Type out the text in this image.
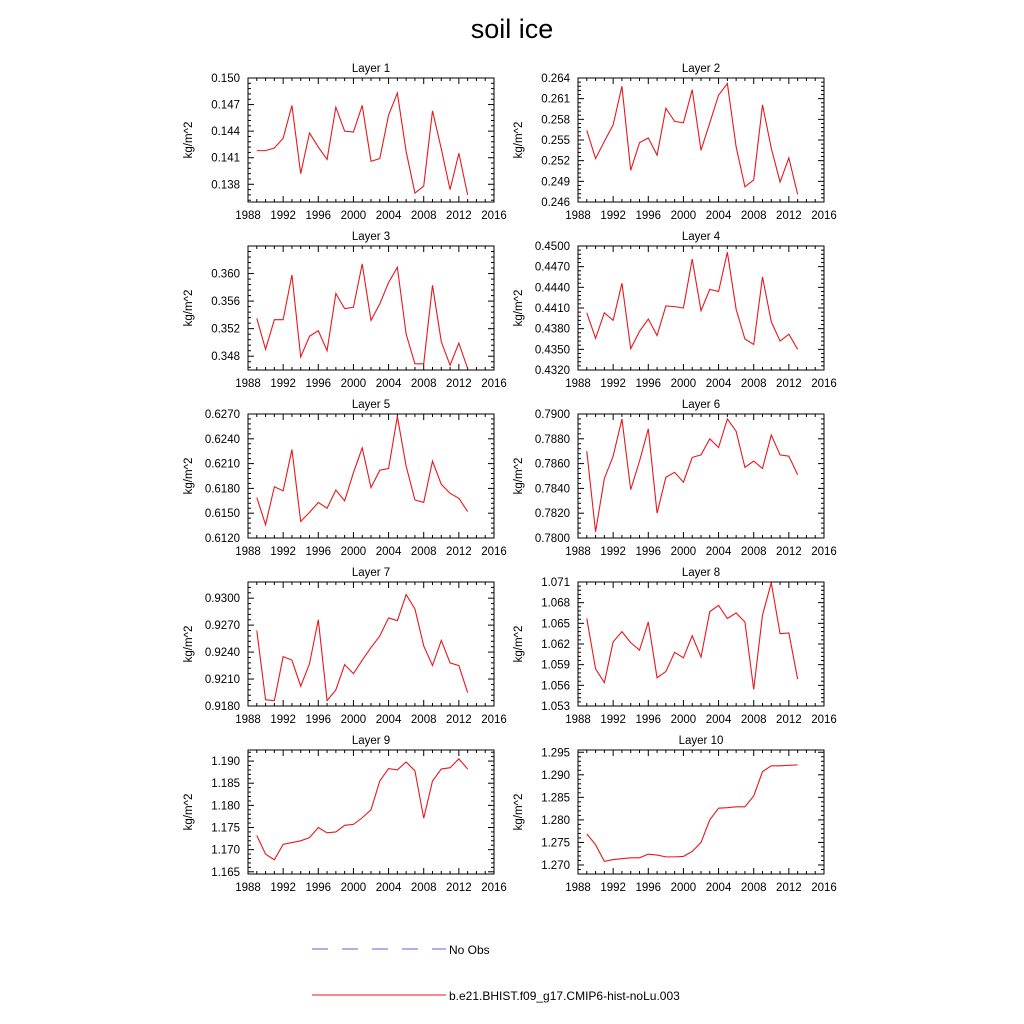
soil ice
1988 1992 1996 2000 2004 2008 2012 2016
0.138
0.141
0.144
0.147
0.150
Layer 1
kg/m^2
1988 1992 1996 2000 2004 2008 2012 2016
0.246
0.249
0.252
0.255
0.258
0.261
0.264
Layer 2
kg/m^2
1988 1992 1996 2000 2004 2008 2012 2016
0.348
0.352
0.356
0.360
Layer 3
kg/m^2
1988 1992 1996 2000 2004 2008 2012 2016
0.4320
0.4350
0.4380
0.4410
0.4440
0.4470
0.4500
Layer 4
kg/m^2
1988 1992 1996 2000 2004 2008 2012 2016
0.6120
0.6150
0.6180
0.6210
0.6240
0.6270
Layer 5
kg/m^2
1988 1992 1996 2000 2004 2008 2012 2016
0.7800
0.7820
0.7840
0.7860
0.7880
0.7900
Layer 6
kg/m^2
1988 1992 1996 2000 2004 2008 2012 2016
0.9180
0.9210
0.9240
0.9270
0.9300
Layer 7
kg/m^2
1988 1992 1996 2000 2004 2008 2012 2016
1.053
1.056
1.059
1.062
1.065
1.068
1.071
Layer 8
kg/m^2
1988 1992 1996 2000 2004 2008 2012 2016
1.165
1.170
1.175
1.180
1.185
1.190
Layer 9
kg/m^2
1988 1992 1996 2000 2004 2008 2012 2016
1.270
1.275
1.280
1.285
1.290
1.295
Layer 10
kg/m^2
No Obs
b.e21.BHIST.f09_g17.CMIP6-hist-noLu.003
